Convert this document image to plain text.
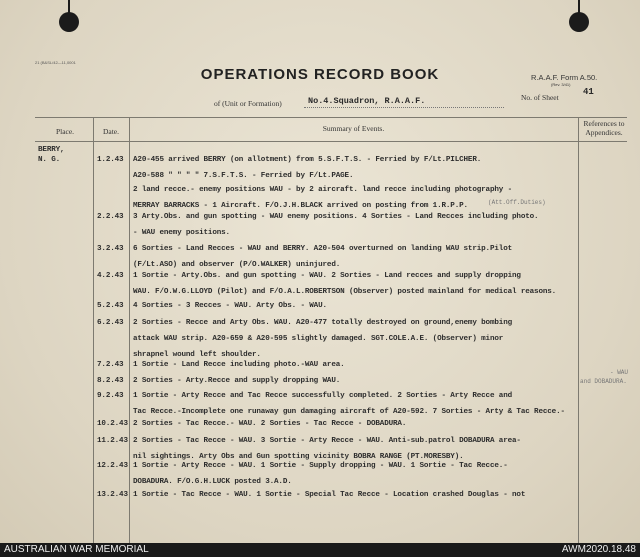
21 (B&SL/42—11,0001
OPERATIONS RECORD BOOK	R.A.A.F. Form A.50.
(Rev. 3/41)
No. of Sheet
41
of (Unit or Formation)	No.4.Squadron, R.A.A.F.
Place.	Date.	Summary of Events.
References to
Appendices.
BERRY,
N. G.	1.2.43 A20-455 arrived BERRY (on allotment) from 5.S.F.T.S. - Ferried by F/Lt.PILCHER.
A20-588 " " " " 7.S.F.T.S. - Ferried by F/Lt.PAGE.
2 land recce.- enemy positions WAU - by 2 aircraft. land recce including photography -
MERRAY BARRACKS - 1 Aircraft. F/O.J.H.BLACK arrived on posting from 1.R.P.P.
2.2.43 3 Arty.Obs. and gun spotting - WAU enemy positions. 4 Sorties - Land Recces including photo.
- WAU enemy positions.
3.2.43 6 Sorties - Land Recces - WAU and BERRY. A20-504 overturned on landing WAU strip.Pilot
(F/Lt.ASO) and observer (P/O.WALKER) uninjured.
4.2.43 1 Sortie - Arty.Obs. and gun spotting - WAU. 2 Sorties - Land recces and supply dropping
WAU. F/O.W.G.LLOYD (Pilot) and F/O.A.L.ROBERTSON (Observer) posted mainland for medical reasons.
5.2.43 4 Sorties - 3 Recces - WAU. Arty Obs. - WAU.
6.2.43 2 Sorties - Recce and Arty Obs. WAU. A20-477 totally destroyed on ground,enemy bombing
attack WAU strip. A20-659 & A20-595 slightly damaged. SGT.COLE.A.E. (Observer) minor
shrapnel wound left shoulder.
7.2.43 1 Sortie - Land Recce including photo.-WAU area.
8.2.43 2 Sorties - Arty.Recce and supply dropping WAU.
9.2.43 1 Sortie - Arty Recce and Tac Recce successfully completed. 2 Sorties - Arty Recce and
Tac Recce.-Incomplete one runaway gun damaging aircraft of A20-592. 7 Sorties - Arty & Tac Recce.-
10.2.43 2 Sorties - Tac Recce.- WAU. 2 Sorties - Tac Recce - DOBADURA.
11.2.43 2 Sorties - Tac Recce - WAU. 3 Sortie - Arty Recce - WAU. Anti-sub.patrol DOBADURA area-
nil sightings. Arty Obs and Gun spotting vicinity BOBRA RANGE (PT.MORESBY).
12.2.43 1 Sortie - Arty Recce - WAU. 1 Sortie - Supply dropping - WAU. 1 Sortie - Tac Recce.-
DOBADURA. F/O.G.H.LUCK posted 3.A.D.
13.2.43 1 Sortie - Tac Recce - WAU. 1 Sortie - Special Tac Recce - Location crashed Douglas - not
(Att.Off.Duties)
- WAU
and DOBADURA.
AUSTRALIAN WAR MEMORIAL	AWM2020.18.48
